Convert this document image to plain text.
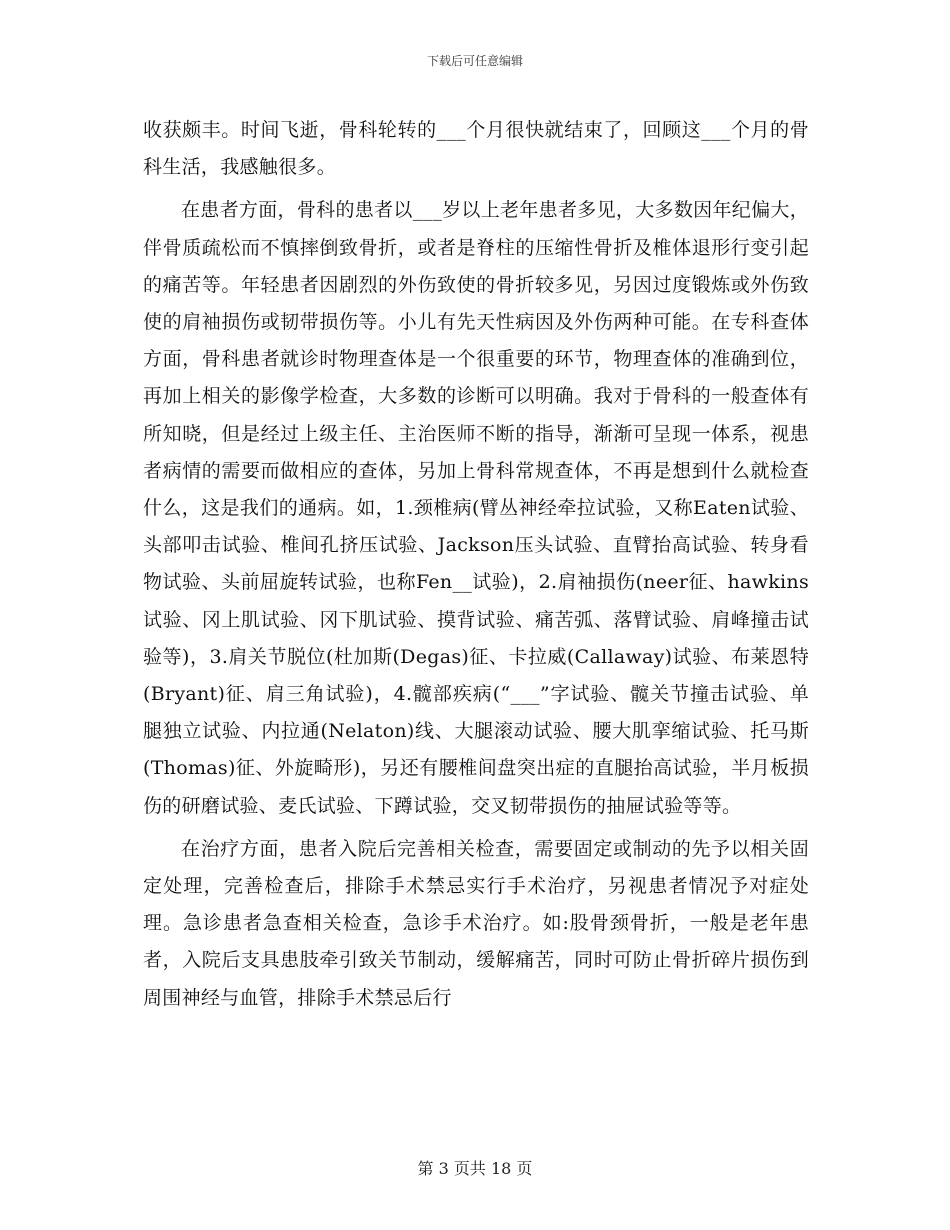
下载后可任意编辑

收获颇丰。时间飞逝，骨科轮转的___个月很快就结束了，回顾这___个月的骨科生活，我感触很多。

在患者方面，骨科的患者以___岁以上老年患者多见，大多数因年纪偏大，伴骨质疏松而不慎摔倒致骨折，或者是脊柱的压缩性骨折及椎体退形行变引起的痛苦等。年轻患者因剧烈的外伤致使的骨折较多见，另因过度锻炼或外伤致使的肩袖损伤或韧带损伤等。小儿有先天性病因及外伤两种可能。在专科查体方面，骨科患者就诊时物理查体是一个很重要的环节，物理查体的准确到位，再加上相关的影像学检查，大多数的诊断可以明确。我对于骨科的一般查体有所知晓，但是经过上级主任、主治医师不断的指导，渐渐可呈现一体系，视患者病情的需要而做相应的查体，另加上骨科常规查体，不再是想到什么就检查什么，这是我们的通病。如，1.颈椎病(臂丛神经牵拉试验，又称Eaten试验、头部叩击试验、椎间孔挤压试验、Jackson压头试验、直臂抬高试验、转身看物试验、头前屈旋转试验，也称Fen__试验)，2.肩袖损伤(neer征、hawkins试验、冈上肌试验、冈下肌试验、摸背试验、痛苦弧、落臂试验、肩峰撞击试验等)，3.肩关节脱位(杜加斯(Degas)征、卡拉威(Callaway)试验、布莱恩特(Bryant)征、肩三角试验)，4.髋部疾病(“___”字试验、髋关节撞击试验、单腿独立试验、内拉通(Nelaton)线、大腿滚动试验、腰大肌挛缩试验、托马斯(Thomas)征、外旋畸形)，另还有腰椎间盘突出症的直腿抬高试验，半月板损伤的研磨试验、麦氏试验、下蹲试验，交叉韧带损伤的抽屉试验等等。

在治疗方面，患者入院后完善相关检查，需要固定或制动的先予以相关固定处理，完善检查后，排除手术禁忌实行手术治疗，另视患者情况予对症处理。急诊患者急查相关检查，急诊手术治疗。如:股骨颈骨折，一般是老年患者，入院后支具患肢牵引致关节制动，缓解痛苦，同时可防止骨折碎片损伤到周围神经与血管，排除手术禁忌后行

第 3 页共 18 页
